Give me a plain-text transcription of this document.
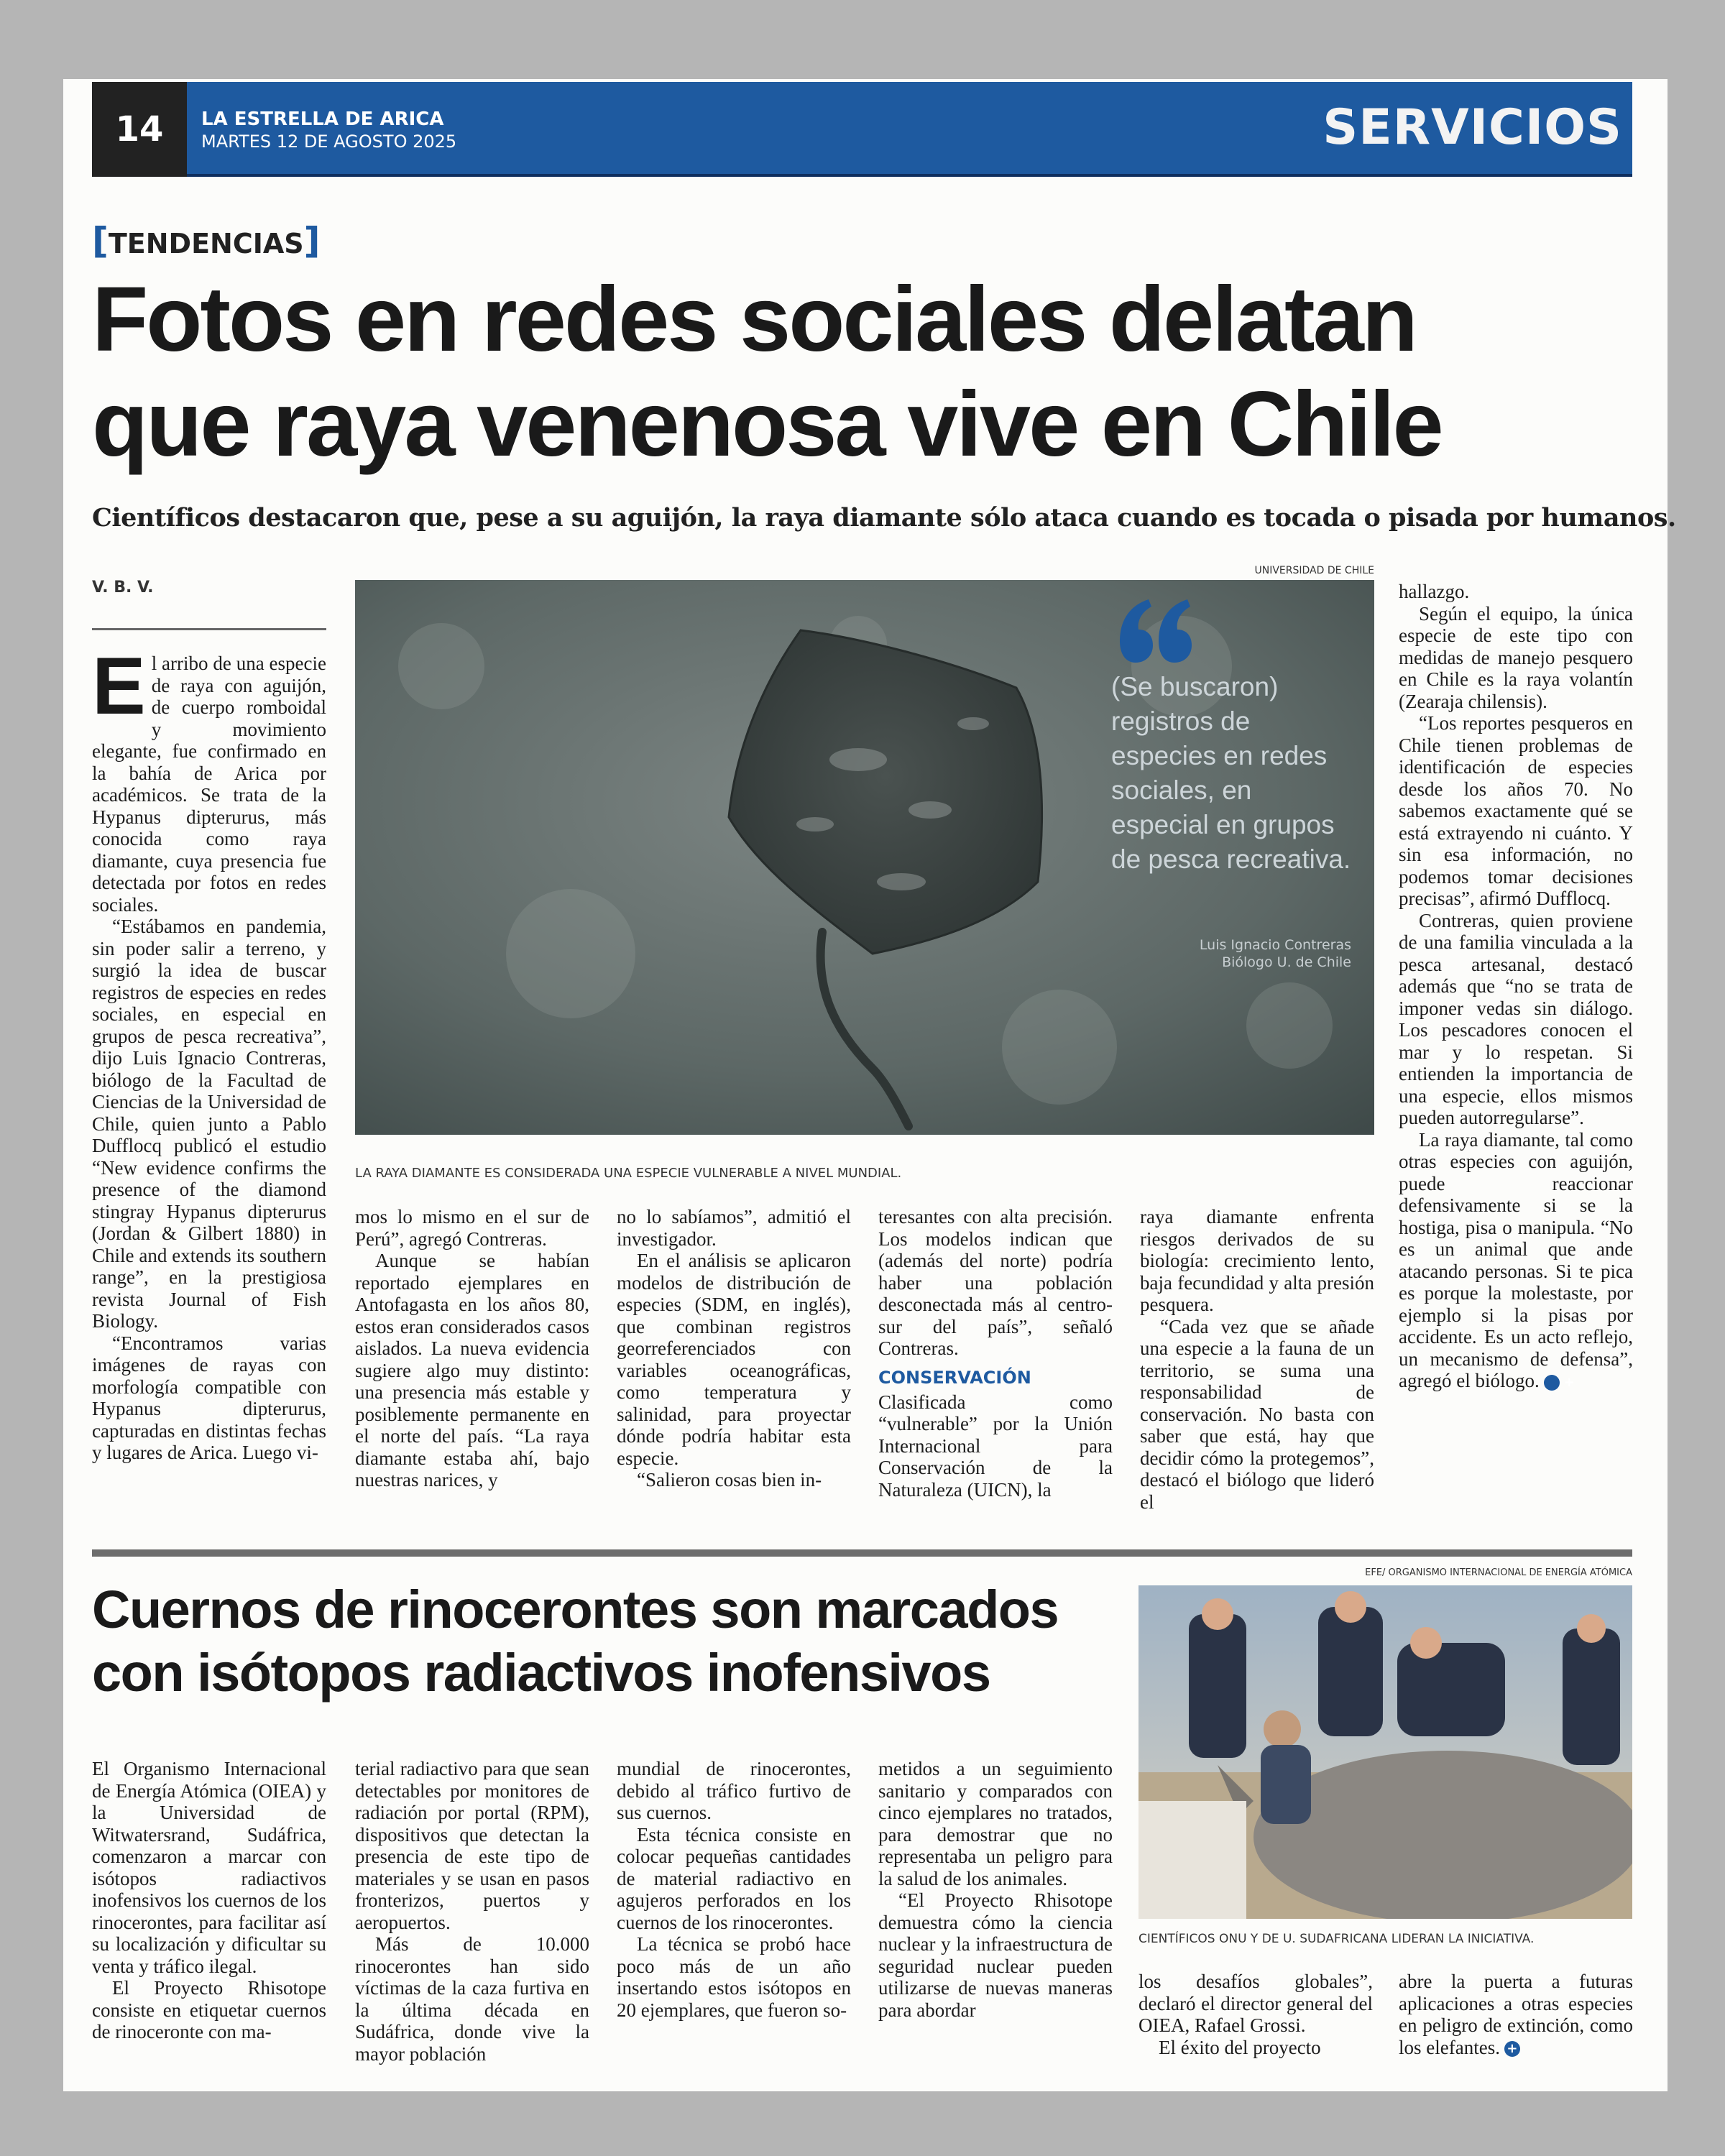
14	LA ESTRELLA DE ARICA
MARTES 12 DE AGOSTO 2025	SERVICIOS
[TENDENCIAS]
Fotos en redes sociales delatan
que raya venenosa vive en Chile
Científicos destacaron que, pese a su aguijón, la raya diamante sólo ataca cuando es tocada o pisada por humanos.
V. B. V.

El arribo de una especie de raya con aguijón, de cuerpo romboidal y movimiento elegante, fue confirmado en la bahía de Arica por académicos. Se trata de la Hypanus dipterurus, más conocida como raya diamante, cuya presencia fue detectada por fotos en redes sociales.

“Estábamos en pandemia, sin poder salir a terreno, y surgió la idea de buscar registros de especies en redes sociales, en especial en grupos de pesca recreativa”, dijo Luis Ignacio Contreras, biólogo de la Facultad de Ciencias de la Universidad de Chile, quien junto a Pablo Dufflocq publicó el estudio “New evidence confirms the presence of the diamond stingray Hypanus dipterurus (Jordan & Gilbert 1880) in Chile and extends its southern range”, en la prestigiosa revista Journal of Fish Biology.

“Encontramos varias imágenes de rayas con morfología compatible con Hypanus dipterurus, capturadas en distintas fechas y lugares de Arica. Luego vi-

UNIVERSIDAD DE CHILE
(Se buscaron) registros de especies en redes sociales, en especial en grupos de pesca recreativa.
Luis Ignacio Contreras
Biólogo U. de Chile
LA RAYA DIAMANTE ES CONSIDERADA UNA ESPECIE VULNERABLE A NIVEL MUNDIAL.

mos lo mismo en el sur de Perú”, agregó Contreras.

Aunque se habían reportado ejemplares en Antofagasta en los años 80, estos eran considerados casos aislados. La nueva evidencia sugiere algo muy distinto: una presencia más estable y posiblemente permanente en el norte del país. “La raya diamante estaba ahí, bajo nuestras narices, y

no lo sabíamos”, admitió el investigador.

En el análisis se aplicaron modelos de distribución de especies (SDM, en inglés), que combinan registros georreferenciados con variables oceanográficas, como temperatura y salinidad, para proyectar dónde podría habitar esta especie.

“Salieron cosas bien in-

teresantes con alta precisión. Los modelos indican que (además del norte) podría haber una población desconectada más al centro-sur del país”, señaló Contreras.

CONSERVACIÓN

Clasificada como “vulnerable” por la Unión Internacional para Conservación de la Naturaleza (UICN), la

raya diamante enfrenta riesgos derivados de su biología: crecimiento lento, baja fecundidad y alta presión pesquera.

“Cada vez que se añade una especie a la fauna de un territorio, se suma una responsabilidad de conservación. No basta con saber que está, hay que decidir cómo la protegemos”, destacó el biólogo que lideró el

hallazgo.

Según el equipo, la única especie de este tipo con medidas de manejo pesquero en Chile es la raya volantín (Zearaja chilensis).

“Los reportes pesqueros en Chile tienen problemas de identificación de especies desde los años 70. No sabemos exactamente qué se está extrayendo ni cuánto. Y sin esa información, no podemos tomar decisiones precisas”, afirmó Dufflocq.

Contreras, quien proviene de una familia vinculada a la pesca artesanal, destacó además que “no se trata de imponer vedas sin diálogo. Los pescadores conocen el mar y lo respetan. Si entienden la importancia de una especie, ellos mismos pueden autorregularse”.

La raya diamante, tal como otras especies con aguijón, puede reaccionar defensivamente si se la hostiga, pisa o manipula. “No es un animal que ande atacando personas. Si te pica es porque la molestaste, por ejemplo si la pisas por accidente. Es un acto reflejo, un mecanismo de defensa”, agregó el biólogo. +

Cuernos de rinocerontes son marcados
con isótopos radiactivos inofensivos
EFE/ ORGANISMO INTERNACIONAL DE ENERGÍA ATÓMICA
CIENTÍFICOS ONU Y DE U. SUDAFRICANA LIDERAN LA INICIATIVA.

El Organismo Internacional de Energía Atómica (OIEA) y la Universidad de Witwatersrand, Sudáfrica, comenzaron a marcar con isótopos radiactivos inofensivos los cuernos de los rinocerontes, para facilitar así su localización y dificultar su venta y tráfico ilegal.

El Proyecto Rhisotope consiste en etiquetar cuernos de rinoceronte con ma-

terial radiactivo para que sean detectables por monitores de radiación por portal (RPM), dispositivos que detectan la presencia de este tipo de materiales y se usan en pasos fronterizos, puertos y aeropuertos.

Más de 10.000 rinocerontes han sido víctimas de la caza furtiva en la última década en Sudáfrica, donde vive la mayor población

mundial de rinocerontes, debido al tráfico furtivo de sus cuernos.

Esta técnica consiste en colocar pequeñas cantidades de material radiactivo en agujeros perforados en los cuernos de los rinocerontes.

La técnica se probó hace poco más de un año insertando estos isótopos en 20 ejemplares, que fueron so-

metidos a un seguimiento sanitario y comparados con cinco ejemplares no tratados, para demostrar que no representaba un peligro para la salud de los animales.

“El Proyecto Rhisotope demuestra cómo la ciencia nuclear y la infraestructura de seguridad nuclear pueden utilizarse de nuevas maneras para abordar

los desafíos globales”, declaró el director general del OIEA, Rafael Grossi.

El éxito del proyecto

abre la puerta a futuras aplicaciones a otras especies en peligro de extinción, como los elefantes. +
